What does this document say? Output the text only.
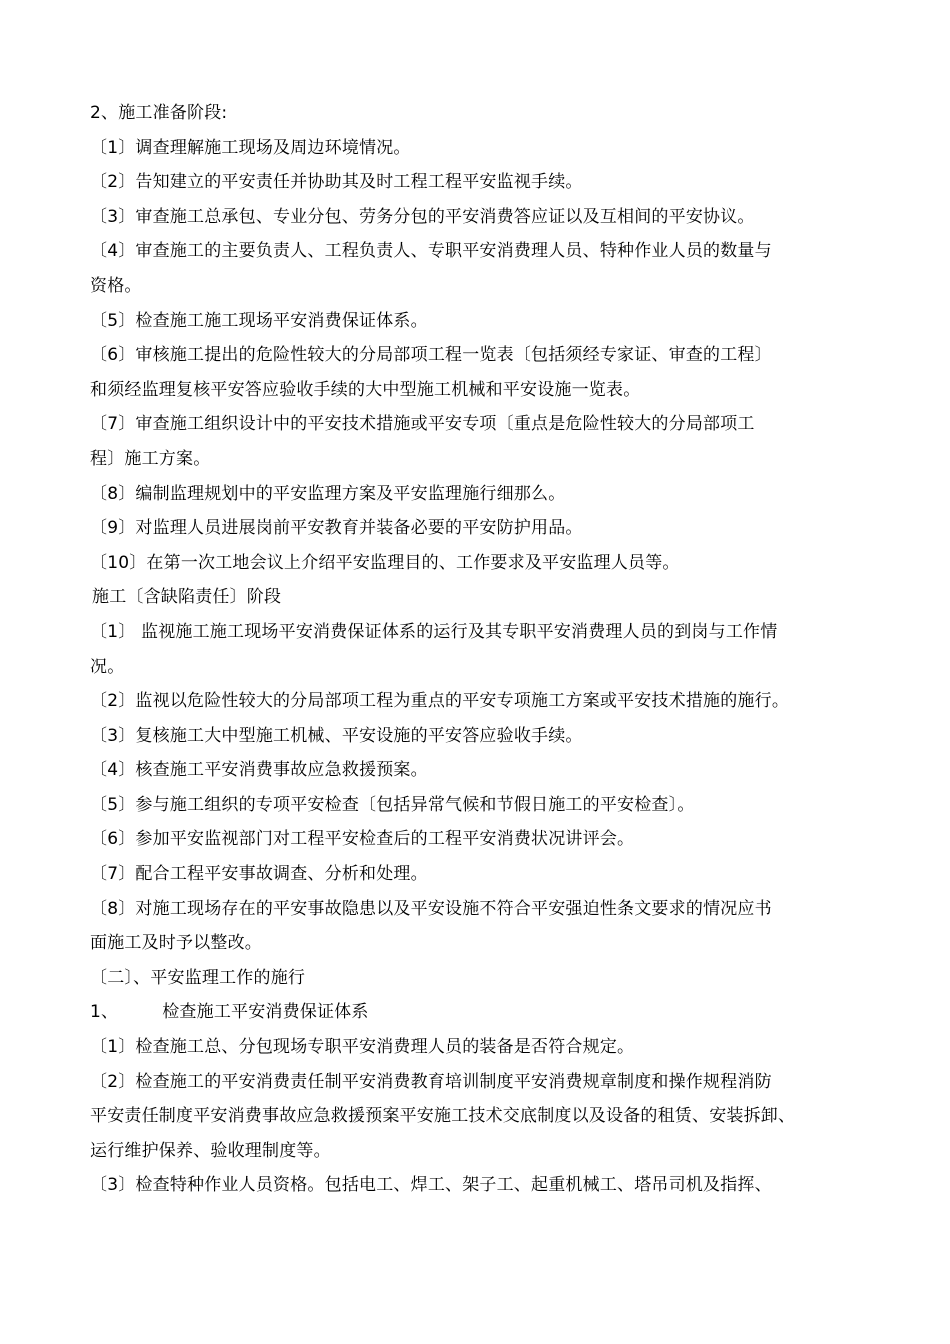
2、施工准备阶段:
〔1〕调查理解施工现场及周边环境情况。
〔2〕告知建立的平安责任并协助其及时工程工程平安监视手续。
〔3〕审查施工总承包、专业分包、劳务分包的平安消费答应证以及互相间的平安协议。
〔4〕审查施工的主要负责人、工程负责人、专职平安消费理人员、特种作业人员的数量与
资格。
〔5〕检查施工施工现场平安消费保证体系。
〔6〕审核施工提出的危险性较大的分局部项工程一览表〔包括须经专家证、审查的工程〕
和须经监理复核平安答应验收手续的大中型施工机械和平安设施一览表。
〔7〕审查施工组织设计中的平安技术措施或平安专项〔重点是危险性较大的分局部项工
程〕施工方案。
〔8〕编制监理规划中的平安监理方案及平安监理施行细那么。
〔9〕对监理人员进展岗前平安教育并装备必要的平安防护用品。
〔10〕在第一次工地会议上介绍平安监理目的、工作要求及平安监理人员等。
施工〔含缺陷责任〕阶段
〔1〕 监视施工施工现场平安消费保证体系的运行及其专职平安消费理人员的到岗与工作情
况。
〔2〕监视以危险性较大的分局部项工程为重点的平安专项施工方案或平安技术措施的施行。
〔3〕复核施工大中型施工机械、平安设施的平安答应验收手续。
〔4〕核查施工平安消费事故应急救援预案。
〔5〕参与施工组织的专项平安检查〔包括异常气候和节假日施工的平安检查〕。
〔6〕参加平安监视部门对工程平安检查后的工程平安消费状况讲评会。
〔7〕配合工程平安事故调查、分析和处理。
〔8〕对施工现场存在的平安事故隐患以及平安设施不符合平安强迫性条文要求的情况应书
面施工及时予以整改。
〔二〕、平安监理工作的施行
1、	检查施工平安消费保证体系
〔1〕检查施工总、分包现场专职平安消费理人员的装备是否符合规定。
〔2〕检查施工的平安消费责任制平安消费教育培训制度平安消费规章制度和操作规程消防
平安责任制度平安消费事故应急救援预案平安施工技术交底制度以及设备的租赁、安装拆卸、
运行维护保养、验收理制度等。
〔3〕检查特种作业人员资格。包括电工、焊工、架子工、起重机械工、塔吊司机及指挥、
